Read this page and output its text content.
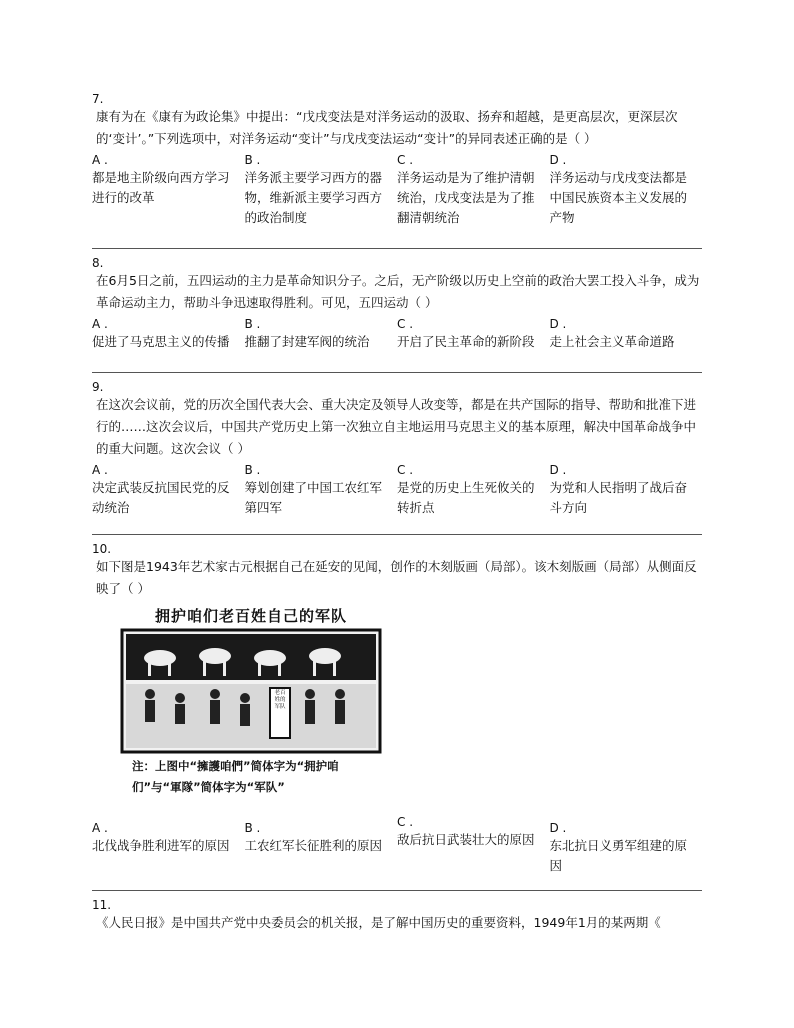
7.
康有为在《康有为政论集》中提出：“戊戌变法是对洋务运动的汲取、扬弃和超越，是更高层次，更深层次的‘变计’。”下列选项中，对洋务运动“变计”与戊戌变法运动“变计”的异同表述正确的是（ ）
A .
都是地主阶级向西方学习进行的改革
B .
洋务派主要学习西方的器物，维新派主要学习西方的政治制度
C .
洋务运动是为了维护清朝统治，戊戌变法是为了推翻清朝统治
D .
洋务运动与戊戌变法都是中国民族资本主义发展的产物
8.
在6月5日之前，五四运动的主力是革命知识分子。之后，无产阶级以历史上空前的政治大罢工投入斗争，成为革命运动主力，帮助斗争迅速取得胜利。可见，五四运动（ ）
A .
促进了马克思主义的传播
B .
推翻了封建军阀的统治
C .
开启了民主革命的新阶段
D .
走上社会主义革命道路
9.
在这次会议前，党的历次全国代表大会、重大决定及领导人改变等，都是在共产国际的指导、帮助和批准下进行的……这次会议后，中国共产党历史上第一次独立自主地运用马克思主义的基本原理，解决中国革命战争中的重大问题。这次会议（ ）
A .
决定武装反抗国民党的反动统治
B .
筹划创建了中国工农红军第四军
C .
是党的历史上生死攸关的转折点
D .
为党和人民指明了战后奋斗方向
10.
如下图是1943年艺术家古元根据自己在延安的见闻，创作的木刻版画（局部）。该木刻版画（局部）从侧面反映了（ ）
拥护咱们老百姓自己的军队
老百姓的军队
注：上图中“擁護咱們”简体字为“拥护咱们”与“軍隊”简体字为“军队”
A .
北伐战争胜利进军的原因
B .
工农红军长征胜利的原因
C .
敌后抗日武装壮大的原因
D .
东北抗日义勇军组建的原因
11.
《人民日报》是中国共产党中央委员会的机关报，是了解中国历史的重要资料，1949年1月的某两期《
